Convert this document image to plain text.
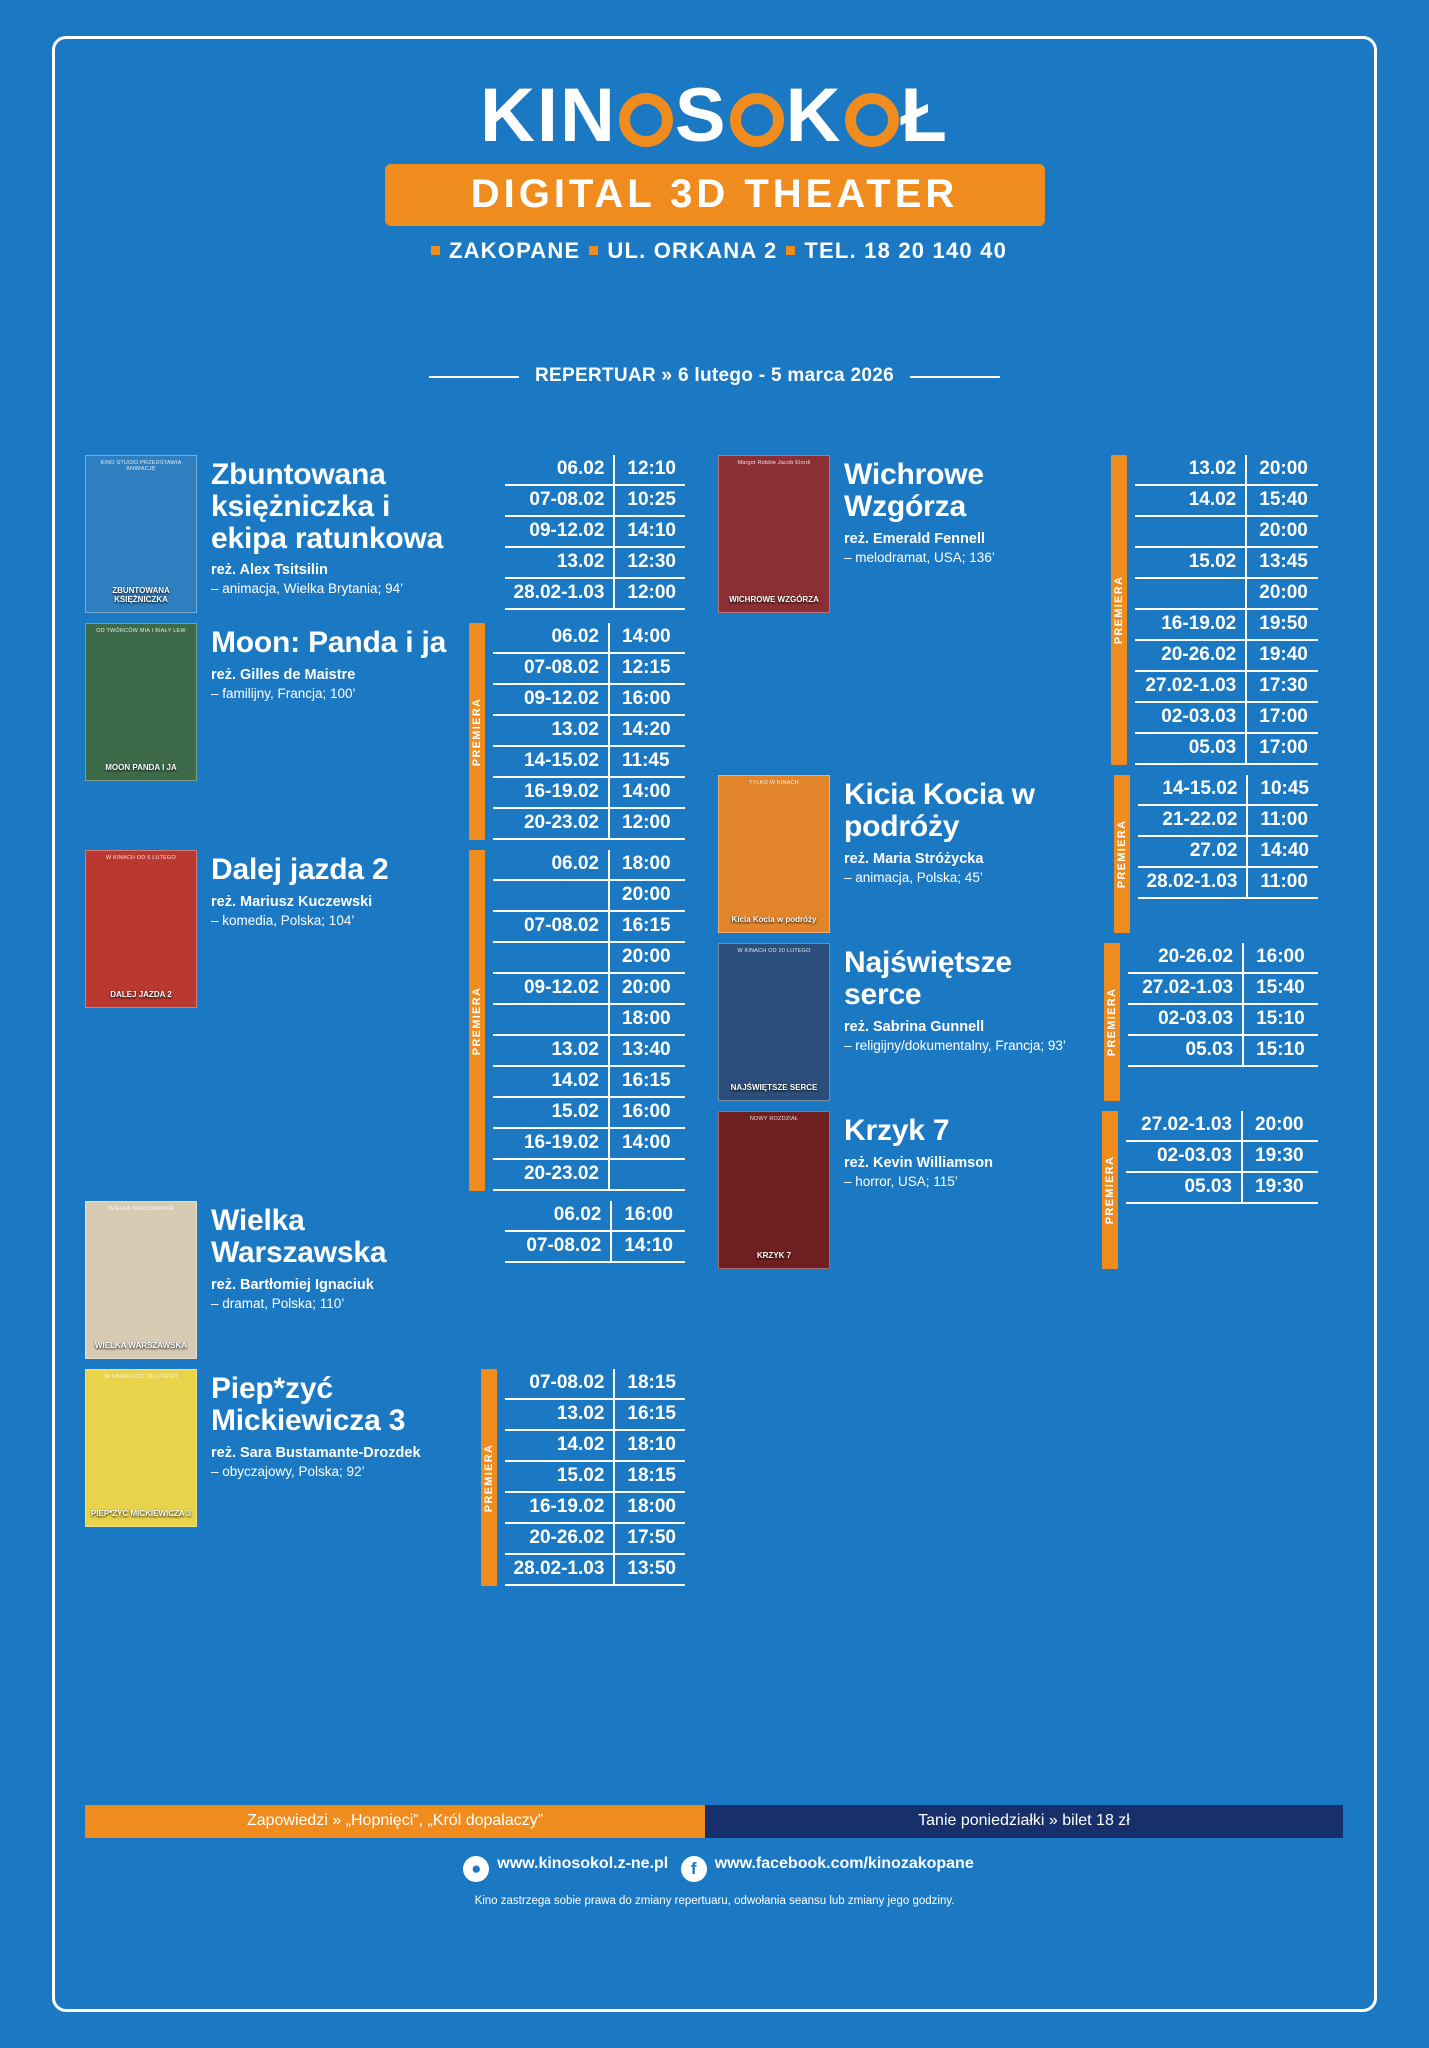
KIN S K Ł
DIGITAL 3D THEATER
ZAKOPANE UL. ORKANA 2 TEL. 18 20 140 40
REPERTUAR » 6 lutego - 5 marca 2026
KINO STUDIO PRZEDSTAWIA ANIMACJĘ
ZBUNTOWANA KSIĘŻNICZKA
Zbuntowana księżniczka i ekipa ratunkowa
reż. Alex Tsitsilin
– animacja, Wielka Brytania; 94’
06.02	12:10
07-08.02	10:25
09-12.02	14:10
13.02	12:30
28.02-1.03	12:00
OD TWÓRCÓW MIA I BIAŁY LEW
MOON PANDA I JA
Moon: Panda i ja
reż. Gilles de Maistre
– familijny, Francja; 100’
PREMIERA
06.02	14:00
07-08.02	12:15
09-12.02	16:00
13.02	14:20
14-15.02	11:45
16-19.02	14:00
20-23.02	12:00
W KINACH OD 6 LUTEGO
DALEJ JAZDA 2
Dalej jazda 2
reż. Mariusz Kuczewski
– komedia, Polska; 104’
PREMIERA
06.02	18:00
	20:00
07-08.02	16:15
	20:00
09-12.02	20:00
	18:00
13.02	13:40
14.02	16:15
15.02	16:00
16-19.02	14:00
20-23.02	
WIELKA WARSZAWSKA
WIELKA WARSZAWSKA
Wielka Warszawska
reż. Bartłomiej Ignaciuk
– dramat, Polska; 110’
06.02	16:00
07-08.02	14:10
W KINACH OD 13 LUTEGO
PIEP*ZYĆ MICKIEWICZA 3
Piep*zyć Mickiewicza 3
reż. Sara Bustamante-Drozdek
– obyczajowy, Polska; 92’	PREMIERA
07-08.02	18:15
13.02	16:15
14.02	18:10
15.02	18:15
16-19.02	18:00
20-26.02	17:50
28.02-1.03	13:50
Margot Robbie Jacob Elordi
WICHROWE WZGÓRZA
Wichrowe Wzgórza
reż. Emerald Fennell
– melodramat, USA; 136’
PREMIERA
13.02	20:00
14.02	15:40
	20:00
15.02	13:45
	20:00
16-19.02	19:50
20-26.02	19:40
27.02-1.03	17:30
02-03.03	17:00
05.03	17:00
TYLKO W KINACH
Kicia Kocia w podróży
Kicia Kocia w podróży
reż. Maria Stróżycka
– animacja, Polska; 45’	PREMIERA
14-15.02	10:45
21-22.02	11:00
27.02	14:40
28.02-1.03	11:00
W KINACH OD 20 LUTEGO
NAJŚWIĘTSZE SERCE
Najświętsze serce
reż. Sabrina Gunnell
– religijny/dokumentalny, Francja; 93’	PREMIERA
20-26.02	16:00
27.02-1.03	15:40
02-03.03	15:10
05.03	15:10
NOWY ROZDZIAŁ
KRZYK 7
Krzyk 7
reż. Kevin Williamson
– horror, USA; 115’	PREMIERA
27.02-1.03	20:00
02-03.03	19:30
05.03	19:30
Zapowiedzi » „Hopnięci”, „Król dopalaczy”	Tanie poniedziałki » bilet 18 zł
● www.kinosokol.z-ne.pl f www.facebook.com/kinozakopane
Kino zastrzega sobie prawa do zmiany repertuaru, odwołania seansu lub zmiany jego godziny.
